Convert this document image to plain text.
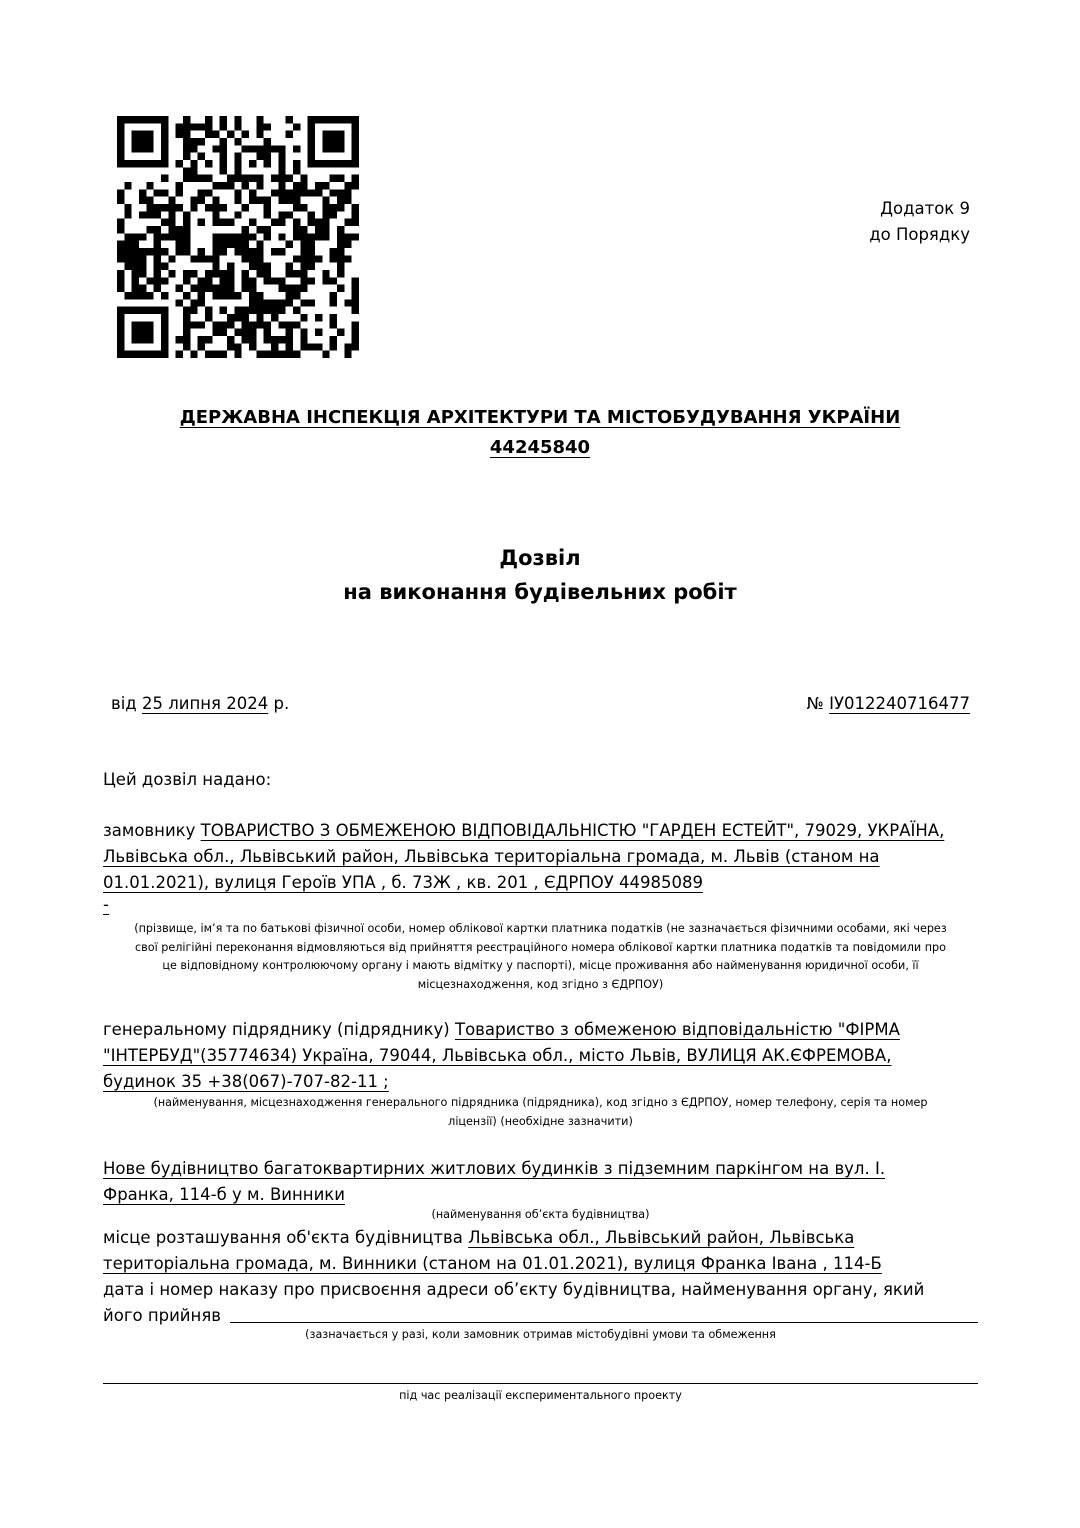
Додаток 9
до Порядку
ДЕРЖАВНА ІНСПЕКЦІЯ АРХІТЕКТУРИ ТА МІСТОБУДУВАННЯ УКРАЇНИ
44245840
Дозвіл
на виконання будівельних робіт
від 25 липня 2024 р.	№ ІУ012240716477
Цей дозвіл надано:
замовнику ТОВАРИСТВО З ОБМЕЖЕНОЮ ВІДПОВІДАЛЬНІСТЮ "ГАРДЕН ЕСТЕЙТ", 79029, УКРАЇНА,
Львівська обл., Львівський район, Львівська територіальна громада, м. Львів (станом на
01.01.2021), вулиця Героїв УПА , б. 73Ж , кв. 201 , ЄДРПОУ 44985089
-
(прізвище, ім’я та по батькові фізичної особи, номер облікової картки платника податків (не зазначається фізичними особами, які через
свої релігійні переконання відмовляються від прийняття реєстраційного номера облікової картки платника податків та повідомили про
це відповідному контролюючому органу і мають відмітку у паспорті), місце проживання або найменування юридичної особи, її
місцезнаходження, код згідно з ЄДРПОУ)
генеральному підряднику (підряднику) Товариство з обмеженою відповідальністю "ФІРМА
"ІНТЕРБУД"(35774634) Україна, 79044, Львівська обл., місто Львів, ВУЛИЦЯ АК.ЄФРЕМОВА,
будинок 35 +38(067)-707-82-11 ;
(найменування, місцезнаходження генерального підрядника (підрядника), код згідно з ЄДРПОУ, номер телефону, серія та номер
ліцензії) (необхідне зазначити)
Нове будівництво багатоквартирних житлових будинків з підземним паркінгом на вул. І.
Франка, 114-б у м. Винники
(найменування об’єкта будівництва)
місце розташування об'єкта будівництва Львівська обл., Львівський район, Львівська
територіальна громада, м. Винники (станом на 01.01.2021), вулиця Франка Івана , 114-Б
дата і номер наказу про присвоєння адреси об’єкту будівництва, найменування органу, який
його прийняв
(зазначається у разі, коли замовник отримав містобудівні умови та обмеження
під час реалізації експериментального проекту
